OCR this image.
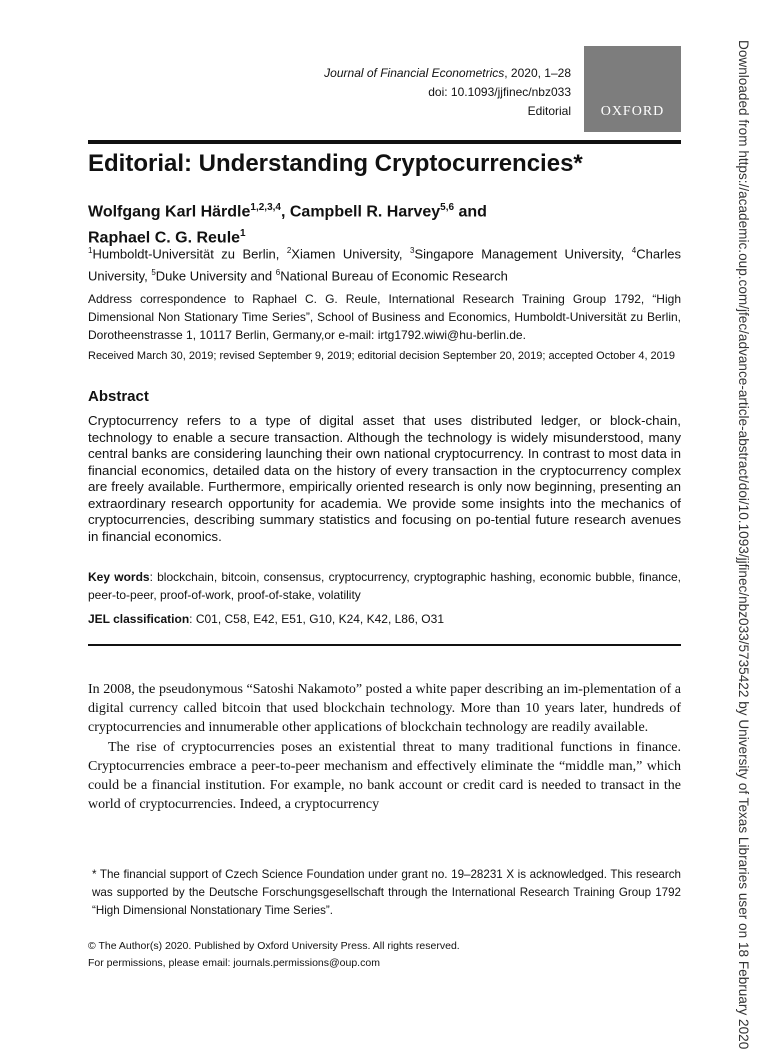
Journal of Financial Econometrics, 2020, 1–28
doi: 10.1093/jjfinec/nbz033
Editorial	OXFORD
Editorial: Understanding Cryptocurrencies*
Wolfgang Karl Härdle$^{1,2,3,4}$, Campbell R. Harvey$^{5,6}$ and
Raphael C. G. Reule$^1$
$^1$Humboldt-Universität zu Berlin, $^2$Xiamen University, $^3$Singapore Management University, $^4$Charles University, $^5$Duke University and $^6$National Bureau of Economic Research
Address correspondence to Raphael C. G. Reule, International Research Training Group 1792, “High Dimensional Non Stationary Time Series”, School of Business and Economics, Humboldt-Universität zu Berlin, Dorotheenstrasse 1, 10117 Berlin, Germany,or e-mail: irtg1792.wiwi@hu-berlin.de.
Received March 30, 2019; revised September 9, 2019; editorial decision September 20, 2019; accepted October 4, 2019
Abstract
Cryptocurrency refers to a type of digital asset that uses distributed ledger, or block-chain, technology to enable a secure transaction. Although the technology is widely misunderstood, many central banks are considering launching their own national cryptocurrency. In contrast to most data in financial economics, detailed data on the history of every transaction in the cryptocurrency complex are freely available. Furthermore, empirically oriented research is only now beginning, presenting an extraordinary research opportunity for academia. We provide some insights into the mechanics of cryptocurrencies, describing summary statistics and focusing on po-tential future research avenues in financial economics.
Key words: blockchain, bitcoin, consensus, cryptocurrency, cryptographic hashing, economic bubble, finance, peer-to-peer, proof-of-work, proof-of-stake, volatility
JEL classification: C01, C58, E42, E51, G10, K24, K42, L86, O31

In 2008, the pseudonymous “Satoshi Nakamoto” posted a white paper describing an im-plementation of a digital currency called bitcoin that used blockchain technology. More than 10 years later, hundreds of cryptocurrencies and innumerable other applications of blockchain technology are readily available.

The rise of cryptocurrencies poses an existential threat to many traditional functions in finance. Cryptocurrencies embrace a peer-to-peer mechanism and effectively eliminate the “middle man,” which could be a financial institution. For example, no bank account or credit card is needed to transact in the world of cryptocurrencies. Indeed, a cryptocurrency

* The financial support of Czech Science Foundation under grant no. 19–28231 X is acknowledged. This research was supported by the Deutsche Forschungsgesellschaft through the International Research Training Group 1792 “High Dimensional Nonstationary Time Series”.
© The Author(s) 2020. Published by Oxford University Press. All rights reserved.
For permissions, please email: journals.permissions@oup.com	Downloaded from https://academic.oup.com/jfec/advance-article-abstract/doi/10.1093/jjfinec/nbz033/5735422 by University of Texas Libraries user on 18 February 2020
